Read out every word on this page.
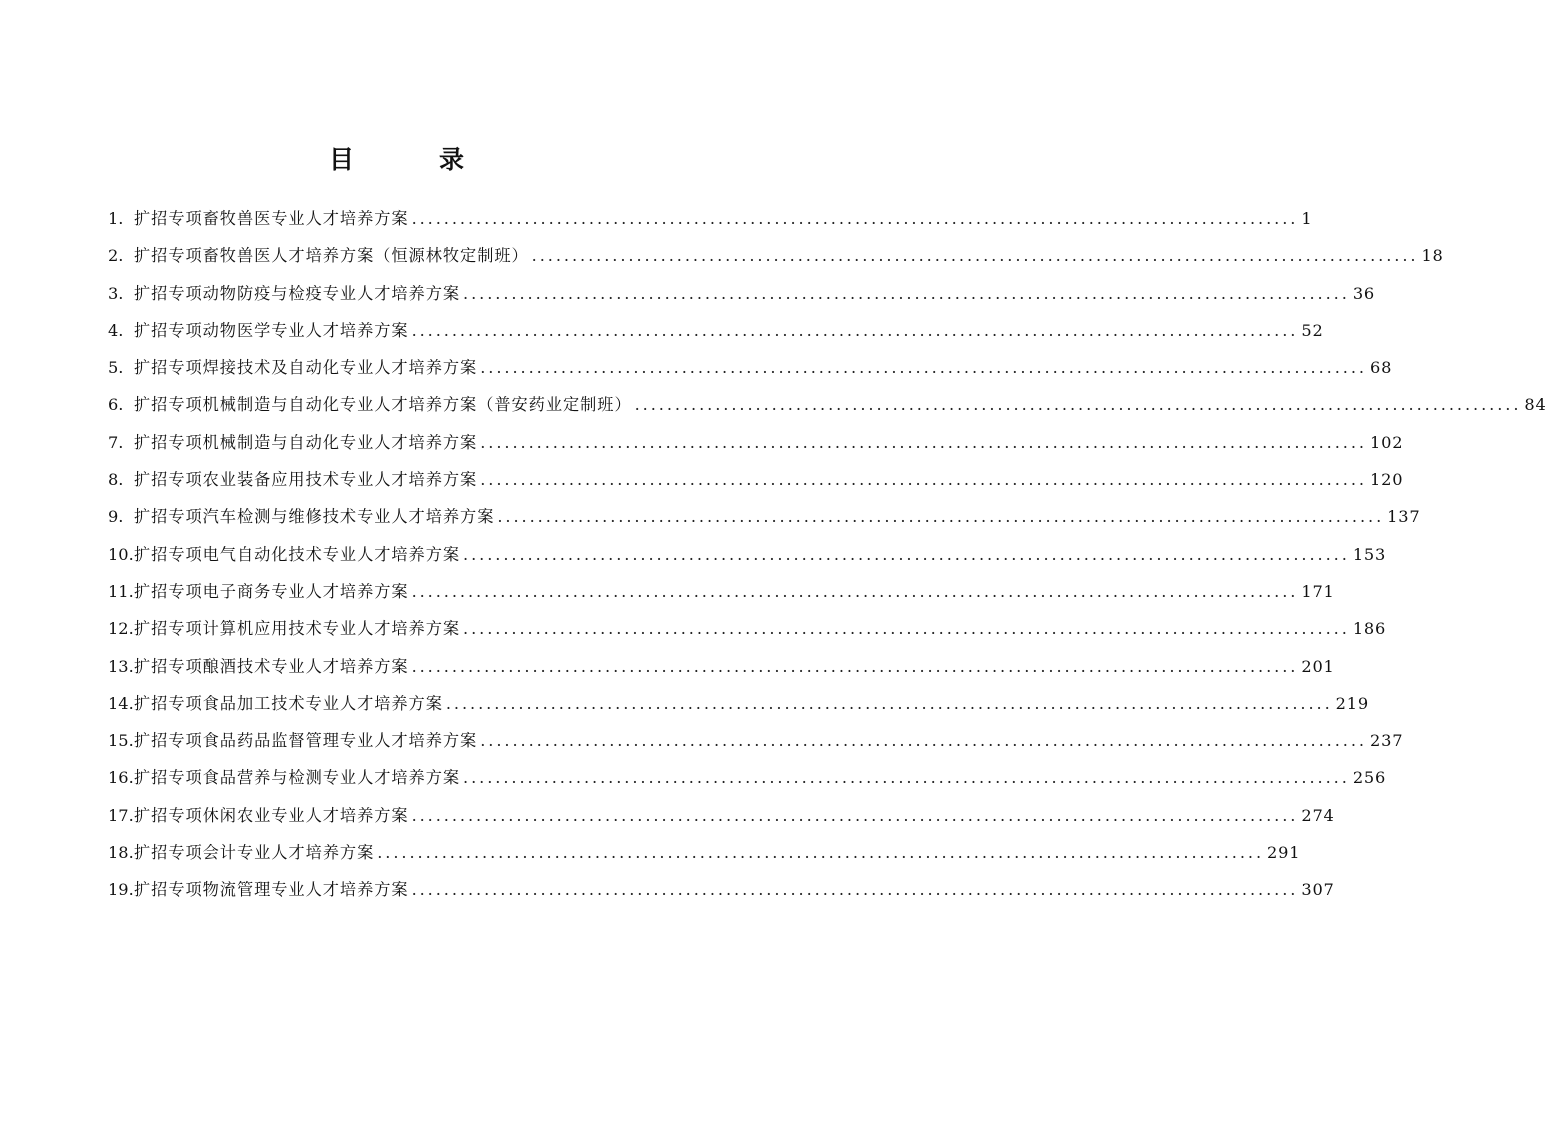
目　录
1. 扩招专项畜牧兽医专业人才培养方案 .............................................................................................................. 1
2. 扩招专项畜牧兽医人才培养方案（恒源林牧定制班） .............................................................................................................. 18
3. 扩招专项动物防疫与检疫专业人才培养方案 .............................................................................................................. 36
4. 扩招专项动物医学专业人才培养方案 .............................................................................................................. 52
5. 扩招专项焊接技术及自动化专业人才培养方案 .............................................................................................................. 68
6. 扩招专项机械制造与自动化专业人才培养方案（普安药业定制班） .............................................................................................................. 84
7. 扩招专项机械制造与自动化专业人才培养方案 .............................................................................................................. 102
8. 扩招专项农业装备应用技术专业人才培养方案 .............................................................................................................. 120
9. 扩招专项汽车检测与维修技术专业人才培养方案 .............................................................................................................. 137
10. 扩招专项电气自动化技术专业人才培养方案 .............................................................................................................. 153
11. 扩招专项电子商务专业人才培养方案 .............................................................................................................. 171
12. 扩招专项计算机应用技术专业人才培养方案 .............................................................................................................. 186
13. 扩招专项酿酒技术专业人才培养方案 .............................................................................................................. 201
14. 扩招专项食品加工技术专业人才培养方案 .............................................................................................................. 219
15. 扩招专项食品药品监督管理专业人才培养方案 .............................................................................................................. 237
16. 扩招专项食品营养与检测专业人才培养方案 .............................................................................................................. 256
17. 扩招专项休闲农业专业人才培养方案 .............................................................................................................. 274
18. 扩招专项会计专业人才培养方案 .............................................................................................................. 291
19. 扩招专项物流管理专业人才培养方案 .............................................................................................................. 307
